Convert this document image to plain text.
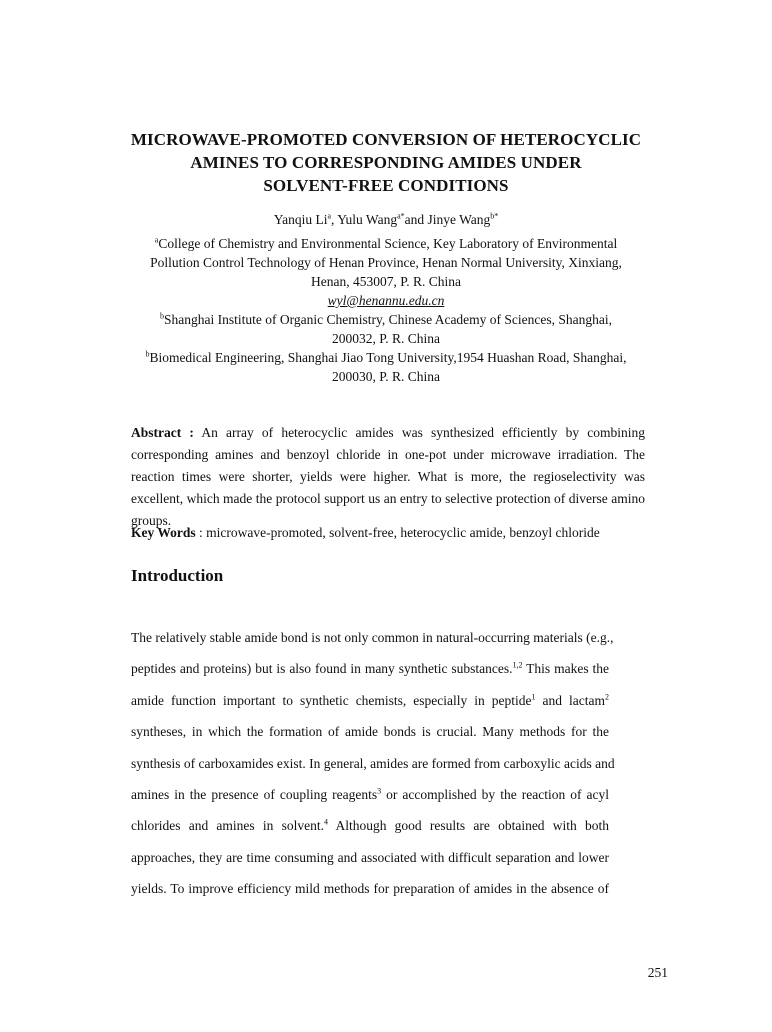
MICROWAVE-PROMOTED CONVERSION OF HETEROCYCLIC
AMINES TO CORRESPONDING AMIDES UNDER
SOLVENT-FREE CONDITIONS
Yanqiu Li$^a$, Yulu Wang$^{a*}$and Jinye Wang$^{b*}$
$^a$College of Chemistry and Environmental Science, Key Laboratory of Environmental
Pollution Control Technology of Henan Province, Henan Normal University, Xinxiang,
Henan, 453007, P. R. China
wyl@henannu.edu.cn
$^b$Shanghai Institute of Organic Chemistry, Chinese Academy of Sciences, Shanghai,
200032, P. R. China
$^b$Biomedical Engineering, Shanghai Jiao Tong University,1954 Huashan Road, Shanghai,
200030, P. R. China
Abstract : An array of heterocyclic amides was synthesized efficiently by combining corresponding amines and benzoyl chloride in one-pot under microwave irradiation. The reaction times were shorter, yields were higher. What is more, the regioselectivity was excellent, which made the protocol support us an entry to selective protection of diverse amino groups.
Key Words : microwave-promoted, solvent-free, heterocyclic amide, benzoyl chloride
Introduction
The relatively stable amide bond is not only common in natural-occurring materials (e.g.,
peptides and proteins) but is also found in many synthetic substances.$^{1,2}$ This makes the
amide function important to synthetic chemists, especially in peptide$^1$ and lactam$^2$
syntheses, in which the formation of amide bonds is crucial. Many methods for the
synthesis of carboxamides exist. In general, amides are formed from carboxylic acids and
amines in the presence of coupling reagents$^3$ or accomplished by the reaction of acyl
chlorides and amines in solvent.$^4$ Although good results are obtained with both
approaches, they are time consuming and associated with difficult separation and lower
yields. To improve efficiency mild methods for preparation of amides in the absence of
251
